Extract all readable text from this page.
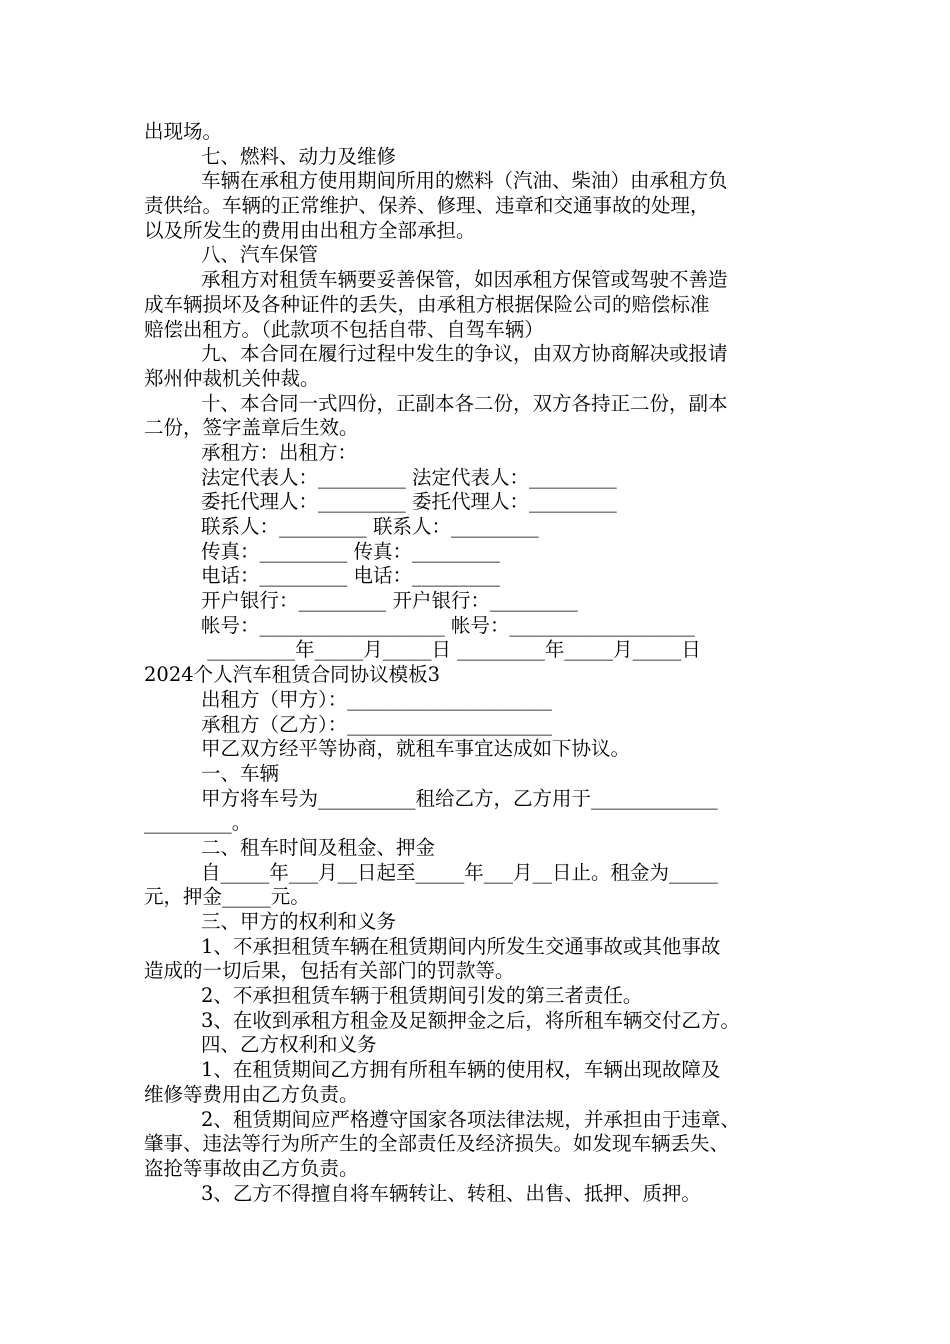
出现场。
七、燃料、动力及维修
车辆在承租方使用期间所用的燃料（汽油、柴油）由承租方负
责供给。车辆的正常维护、保养、修理、违章和交通事故的处理，
以及所发生的费用由出租方全部承担。
八、汽车保管
承租方对租赁车辆要妥善保管，如因承租方保管或驾驶不善造
成车辆损坏及各种证件的丢失，由承租方根据保险公司的赔偿标准
赔偿出租方。（此款项不包括自带、自驾车辆）
九、本合同在履行过程中发生的争议，由双方协商解决或报请
郑州仲裁机关仲裁。
十、本合同一式四份，正副本各二份，双方各持正二份，副本
二份，签字盖章后生效。
承租方：出租方：
法定代表人：_________ 法定代表人：_________
委托代理人：_________ 委托代理人：_________
联系人：_________ 联系人：_________
传真：_________ 传真：_________
电话：_________ 电话：_________
开户银行：_________ 开户银行：_________
帐号：___________________ 帐号：___________________
_________年_____月_____日 _________年_____月_____日
2024个人汽车租赁合同协议模板3
出租方（甲方）：_____________________
承租方（乙方）：_____________________
甲乙双方经平等协商，就租车事宜达成如下协议。
一、车辆
甲方将车号为__________租给乙方，乙方用于_____________
_________。
二、租车时间及租金、押金
自_____年___月__日起至_____年___月__日止。租金为_____
元，押金_____元。
三、甲方的权利和义务
1、不承担租赁车辆在租赁期间内所发生交通事故或其他事故
造成的一切后果，包括有关部门的罚款等。
2、不承担租赁车辆于租赁期间引发的第三者责任。
3、在收到承租方租金及足额押金之后，将所租车辆交付乙方。
四、乙方权利和义务
1、在租赁期间乙方拥有所租车辆的使用权，车辆出现故障及
维修等费用由乙方负责。
2、租赁期间应严格遵守国家各项法律法规，并承担由于违章、
肇事、违法等行为所产生的全部责任及经济损失。如发现车辆丢失、
盗抢等事故由乙方负责。
3、乙方不得擅自将车辆转让、转租、出售、抵押、质押。
